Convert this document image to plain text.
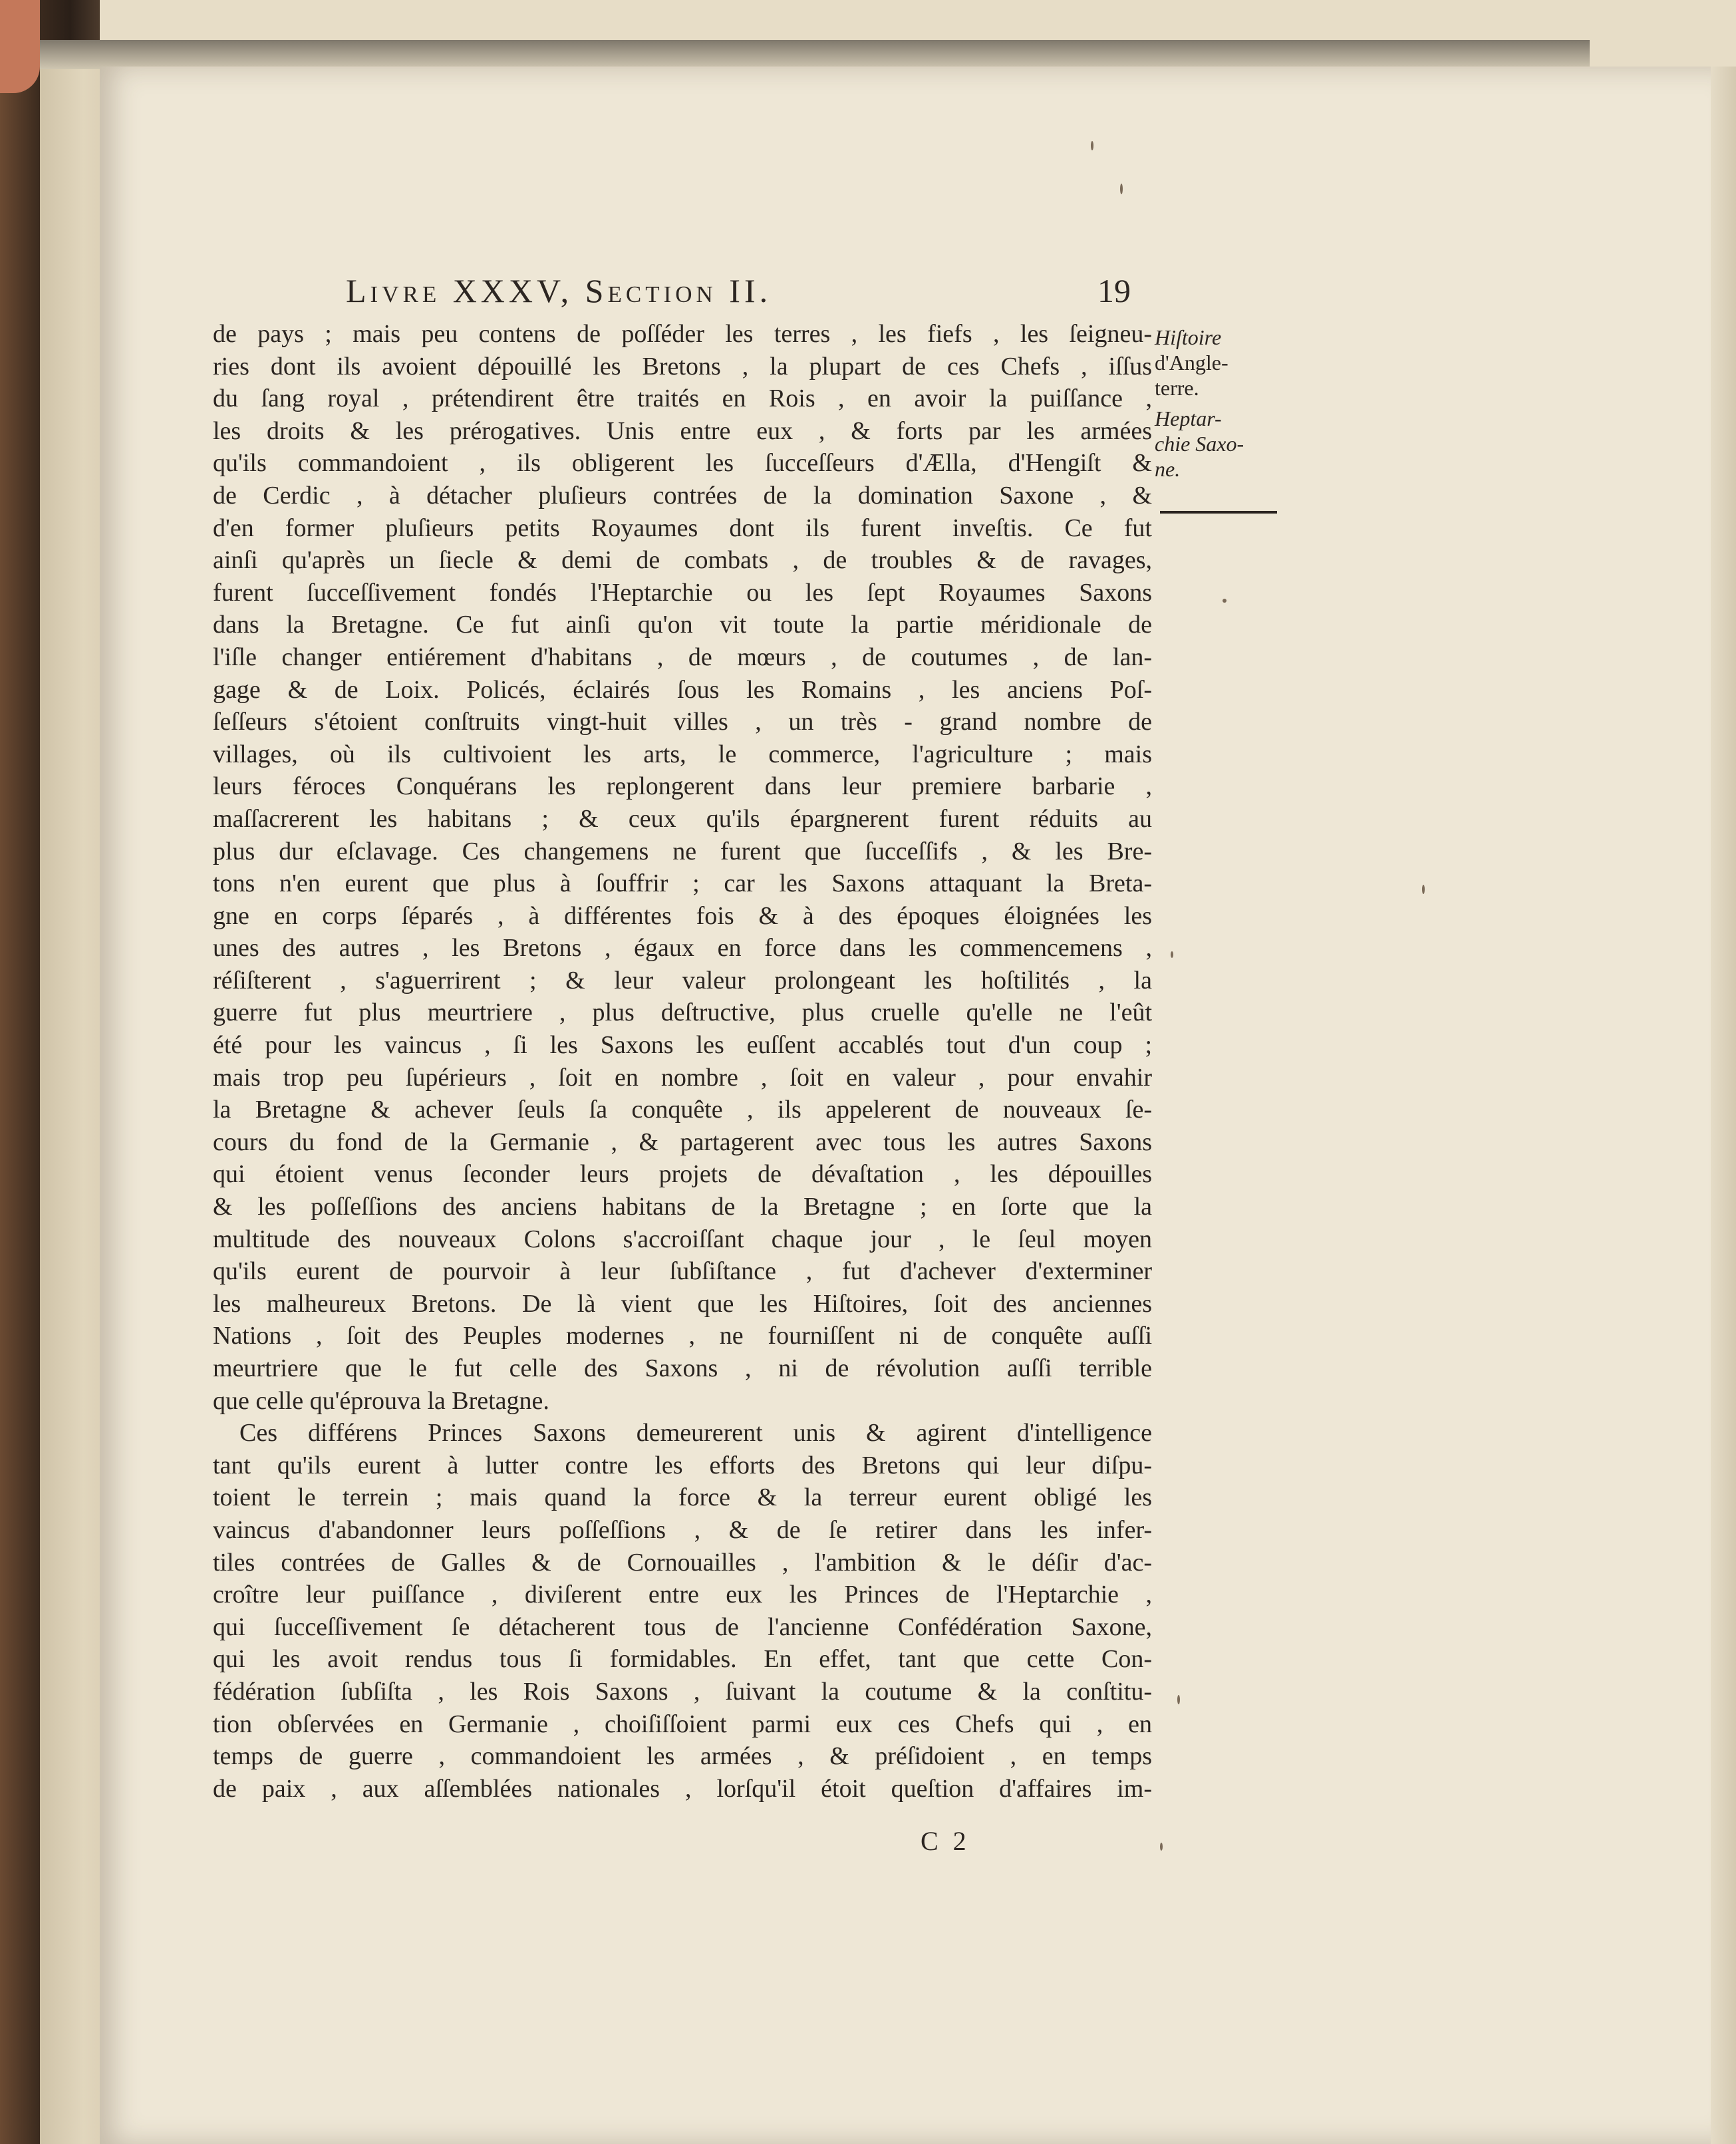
Livre XXXV, Section II.	19
Hiſtoire
d'Angle-
terre.
Heptar-
chie Saxo-
ne.
de pays ; mais peu contens de poſſéder les terres , les fiefs , les ſeigneu-
ries dont ils avoient dépouillé les Bretons , la plupart de ces Chefs , iſſus
du ſang royal , prétendirent être traités en Rois , en avoir la puiſſance ,
les droits & les prérogatives. Unis entre eux , & forts par les armées
qu'ils commandoient , ils obligerent les ſucceſſeurs d'Ælla, d'Hengiſt &
de Cerdic , à détacher pluſieurs contrées de la domination Saxone , &
d'en former pluſieurs petits Royaumes dont ils furent inveſtis. Ce fut
ainſi qu'après un ſiecle & demi de combats , de troubles & de ravages,
furent ſucceſſivement fondés l'Heptarchie ou les ſept Royaumes Saxons
dans la Bretagne. Ce fut ainſi qu'on vit toute la partie méridionale de
l'iſle changer entiérement d'habitans , de mœurs , de coutumes , de lan-
gage & de Loix. Policés, éclairés ſous les Romains , les anciens Poſ-
ſeſſeurs s'étoient conſtruits vingt-huit villes , un très - grand nombre de
villages, où ils cultivoient les arts, le commerce, l'agriculture ; mais
leurs féroces Conquérans les replongerent dans leur premiere barbarie ,
maſſacrerent les habitans ; & ceux qu'ils épargnerent furent réduits au
plus dur eſclavage. Ces changemens ne furent que ſucceſſifs , & les Bre-
tons n'en eurent que plus à ſouffrir ; car les Saxons attaquant la Breta-
gne en corps ſéparés , à différentes fois & à des époques éloignées les
unes des autres , les Bretons , égaux en force dans les commencemens ,
réſiſterent , s'aguerrirent ; & leur valeur prolongeant les hoſtilités , la
guerre fut plus meurtriere , plus deſtructive, plus cruelle qu'elle ne l'eût
été pour les vaincus , ſi les Saxons les euſſent accablés tout d'un coup ;
mais trop peu ſupérieurs , ſoit en nombre , ſoit en valeur , pour envahir
la Bretagne & achever ſeuls ſa conquête , ils appelerent de nouveaux ſe-
cours du fond de la Germanie , & partagerent avec tous les autres Saxons
qui étoient venus ſeconder leurs projets de dévaſtation , les dépouilles
& les poſſeſſions des anciens habitans de la Bretagne ; en ſorte que la
multitude des nouveaux Colons s'accroiſſant chaque jour , le ſeul moyen
qu'ils eurent de pourvoir à leur ſubſiſtance , fut d'achever d'exterminer
les malheureux Bretons. De là vient que les Hiſtoires, ſoit des anciennes
Nations , ſoit des Peuples modernes , ne fourniſſent ni de conquête auſſi
meurtriere que le fut celle des Saxons , ni de révolution auſſi terrible
que celle qu'éprouva la Bretagne.
Ces différens Princes Saxons demeurerent unis & agirent d'intelligence
tant qu'ils eurent à lutter contre les efforts des Bretons qui leur diſpu-
toient le terrein ; mais quand la force & la terreur eurent obligé les
vaincus d'abandonner leurs poſſeſſions , & de ſe retirer dans les infer-
tiles contrées de Galles & de Cornouailles , l'ambition & le déſir d'ac-
croître leur puiſſance , diviſerent entre eux les Princes de l'Heptarchie ,
qui ſucceſſivement ſe détacherent tous de l'ancienne Confédération Saxone,
qui les avoit rendus tous ſi formidables. En effet, tant que cette Con-
fédération ſubſiſta , les Rois Saxons , ſuivant la coutume & la conſtitu-
tion obſervées en Germanie , choiſiſſoient parmi eux ces Chefs qui , en
temps de guerre , commandoient les armées , & préſidoient , en temps
de paix , aux aſſemblées nationales , lorſqu'il étoit queſtion d'affaires im-
C 2
